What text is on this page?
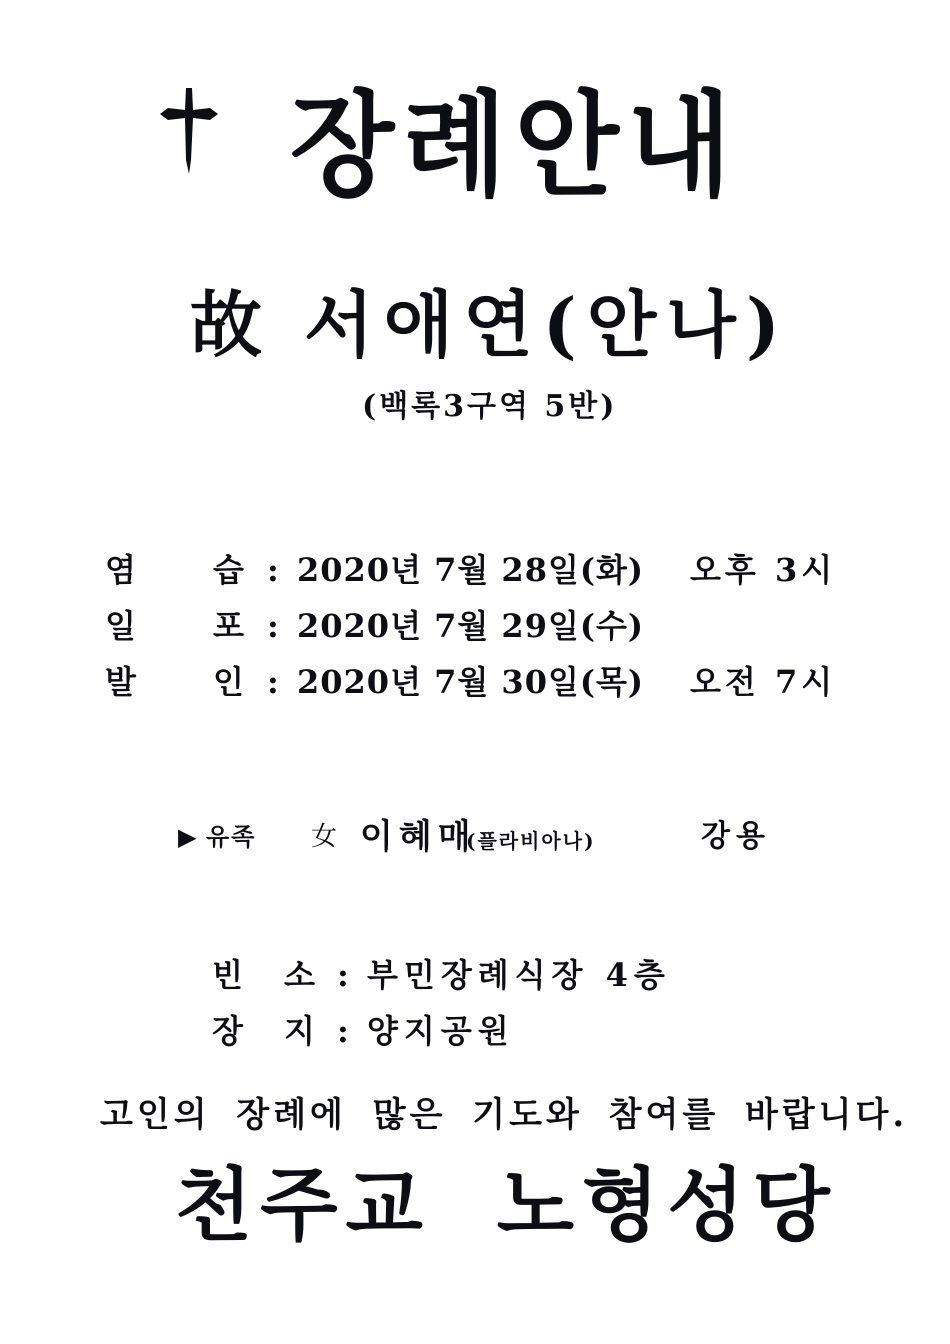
장례안내
故 서애연(안나)
(백록3구역 5반)
염 습 : 2020년 7월 28일(화) 오후 3시
일 포 : 2020년 7월 29일(수)
발 인 : 2020년 7월 30일(목) 오전 7시
▶ 유족 女 이혜매
(플라비아나)	강용
빈 소 : 부민장례식장 4층
장 지 : 양지공원
고인의 장례에 많은 기도와 참여를 바랍니다.
천주교 노형성당
